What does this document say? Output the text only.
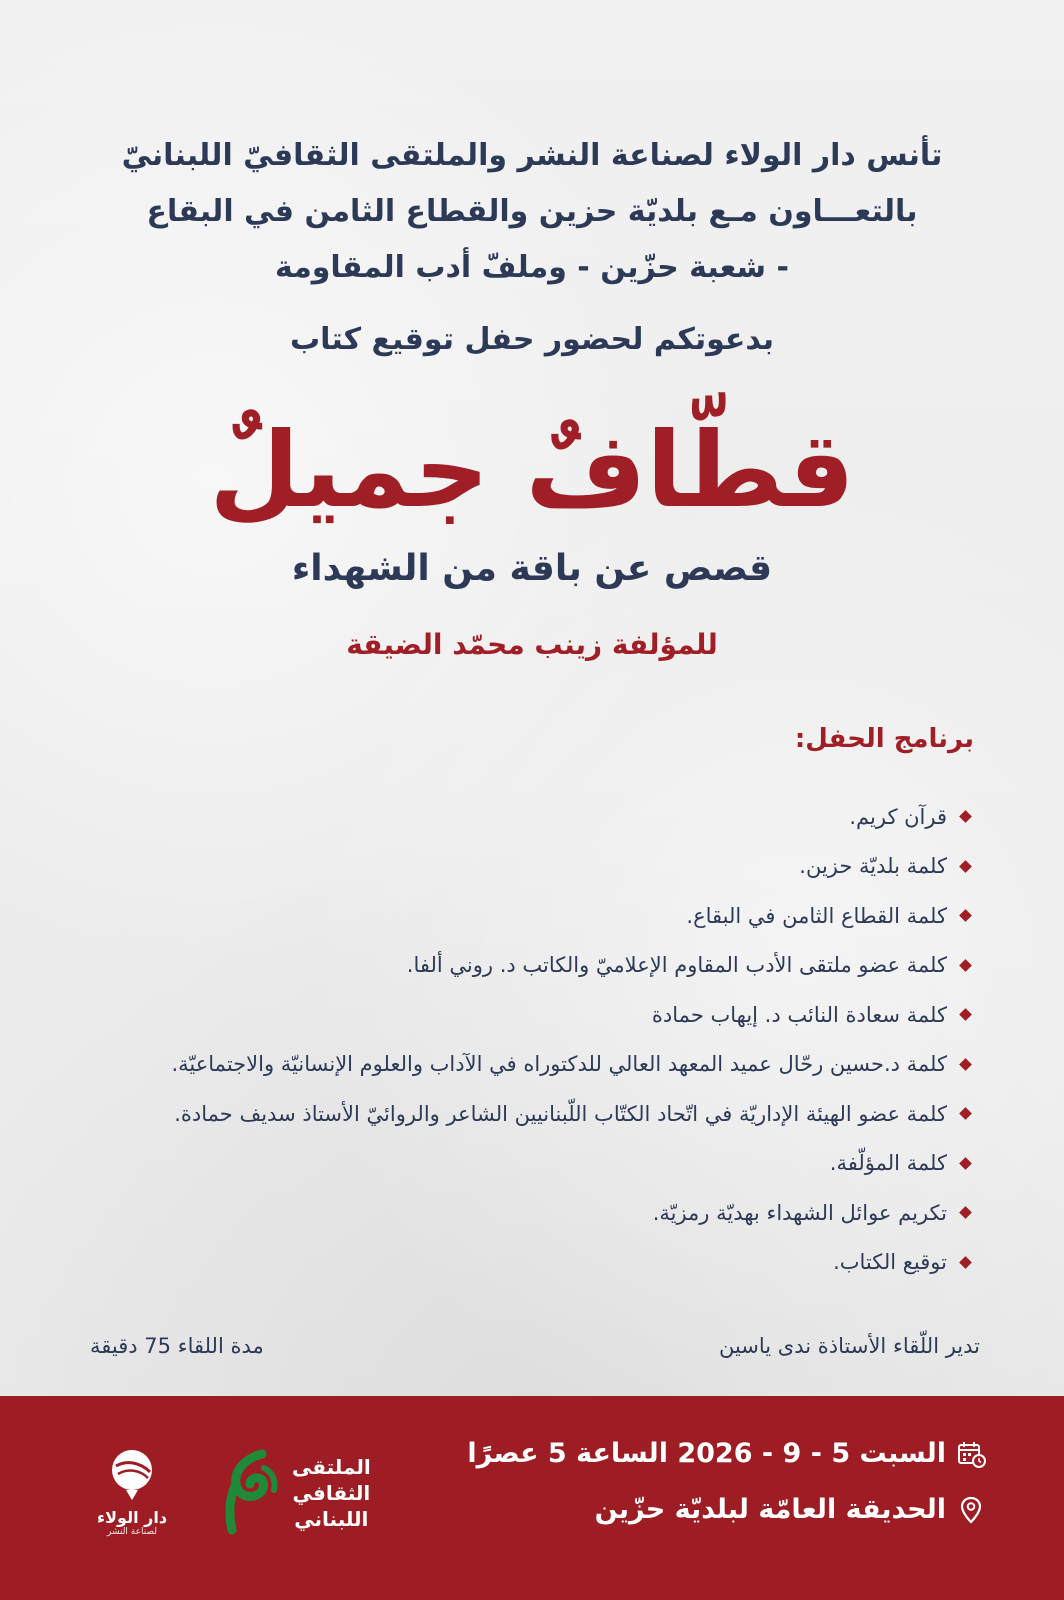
تأنس دار الولاء لصناعة النشر والملتقى الثقافيّ اللبنانيّ
بالتعـــاون مـع بلديّة حزين والقطاع الثامن في البقاع
- شعبة حزّين - وملفّ أدب المقاومة
بدعوتكم لحضور حفل توقيع كتاب
قطّافٌ جميلٌ
قصص عن باقة من الشهداء
للمؤلفة زينب محمّد الضيقة
برنامج الحفل:
قرآن كريم.
كلمة بلديّة حزين.
كلمة القطاع الثامن في البقاع.
كلمة عضو ملتقى الأدب المقاوم الإعلاميّ والكاتب د. روني ألفا.
كلمة سعادة النائب د. إيهاب حمادة
كلمة د.حسين رحّال عميد المعهد العالي للدكتوراه في الآداب والعلوم الإنسانيّة والاجتماعيّة.
كلمة عضو الهيئة الإداريّة في اتّحاد الكتّاب اللّبنانيين الشاعر والروائيّ الأستاذ سديف حمادة.
كلمة المؤلّفة.
تكريم عوائل الشهداء بهديّة رمزيّة.
توقيع الكتاب.
تدير اللّقاء الأستاذة ندى ياسين
مدة اللقاء 75 دقيقة
السبت 5 - 9 - 2026 الساعة 5 عصرًا
الحديقة العامّة لبلديّة حزّين
الملتقى
الثقافي
اللبناني
دار الولاء
لصناعة النشر
